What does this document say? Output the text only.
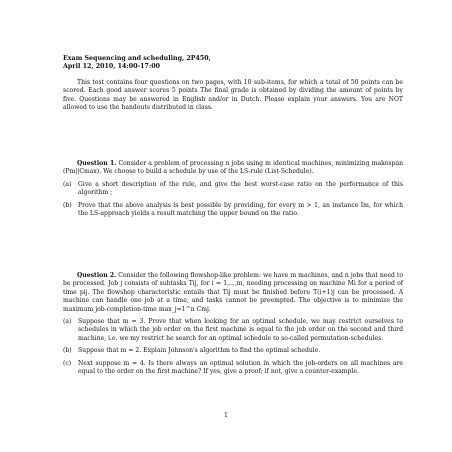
Exam Sequencing and scheduling, 2P450,
April 12, 2010, 14:00-17:00
This test contains four questions on two pages, with 10 sub-items, for which a total of 50 points can be scored. Each good answer scores 5 points The final grade is obtained by dividing the amount of points by five. Questions may be answered in English and/or in Dutch. Please explain your answers. You are NOT allowed to use the handouts distributed in class.
Question 1. Consider a problem of processing n jobs using m identical machines, minimizing makespan (Pm||Cmax). We choose to build a schedule by use of the LS-rule (List-Schedule).
(a) Give a short description of the rule, and give the best worst-case ratio on the performance of this algorithm ;
(b) Prove that the above analysis is best possible by providing, for every m > 1, an instance Im, for which the LS-approach yields a result matching the upper bound on the ratio.
Question 2. Consider the following flowshop-like problem: we have m machines, and n jobs that need to be processed. Job j consists of subtasks Tij, for i = 1,...,m, needing processing on machine Mi for a period of time pij. The flowshop characteristic entails that Tij must be finished before T(i+1)j can be processed. A machine can handle one job at a time, and tasks cannot be preempted. The objective is to minimize the maximum job-completion-time max_j=1^n Cmj.
(a) Suppose that m = 3. Prove that when looking for an optimal schedule, we may restrict ourselves to schedules in which the job order on the first machine is equal to the job order on the second and third machine, i.e. we my restrict he search for an optimal schedule to so-called permutation-schedules.
(b) Suppose that m = 2. Explain Johnson's algorithm to find the optimal schedule.
(c) Next suppose m = 4. Is there always an optimal solution in which the job-orders on all machines are equal to the order on the first machine? If yes, give a proof; if not, give a counter-example.
1
